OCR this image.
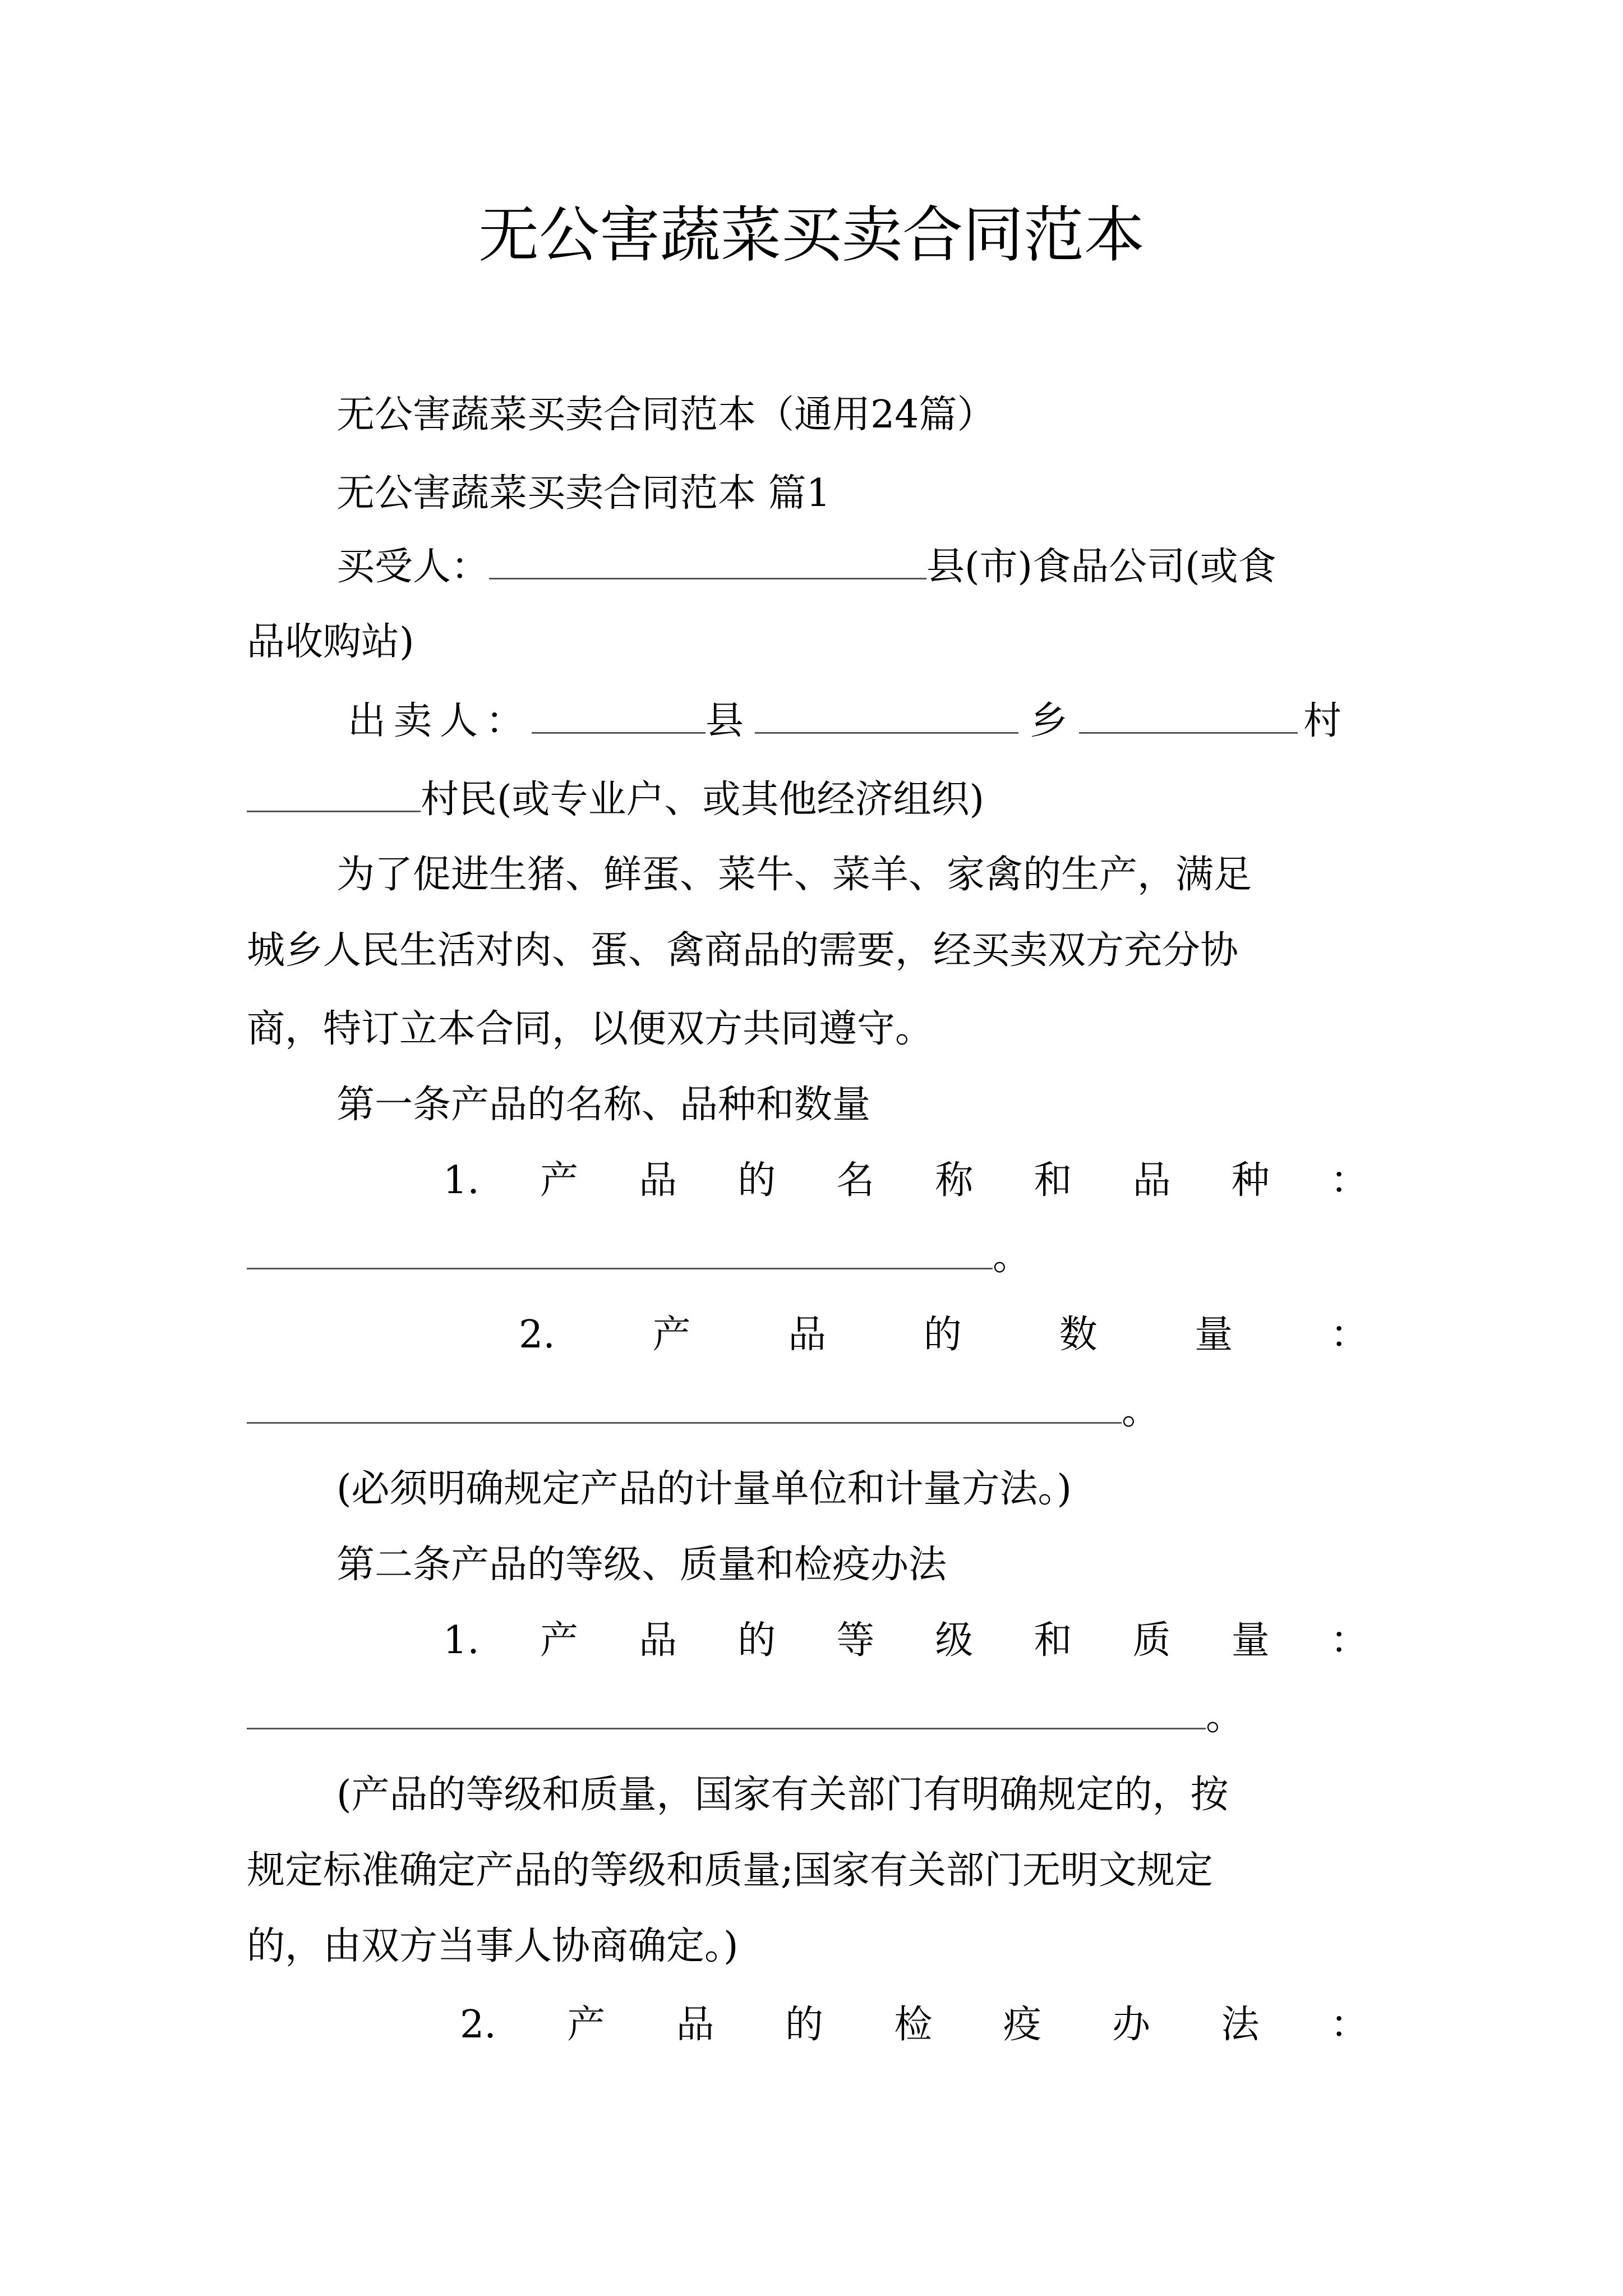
无公害蔬菜买卖合同范本
无公害蔬菜买卖合同范本（通用24篇）
无公害蔬菜买卖合同范本 篇1
买受人：	县(市)食品公司(或食
品收购站)
出卖人：	县	乡	村
村民(或专业户、或其他经济组织)
为了促进生猪、鲜蛋、菜牛、菜羊、家禽的生产，满足
城乡人民生活对肉、蛋、禽商品的需要，经买卖双方充分协
商，特订立本合同，以便双方共同遵守。
第一条产品的名称、品种和数量
1. 产 品 的 名 称 和 品 种 ：
。
2.	产	品	的	数	量	：
。
(必须明确规定产品的计量单位和计量方法。)
第二条产品的等级、质量和检疫办法
1. 产 品 的 等 级 和 质 量 ：
。
(产品的等级和质量，国家有关部门有明确规定的，按
规定标准确定产品的等级和质量;国家有关部门无明文规定
的，由双方当事人协商确定。)
2. 产 品 的 检 疫 办 法 ：
